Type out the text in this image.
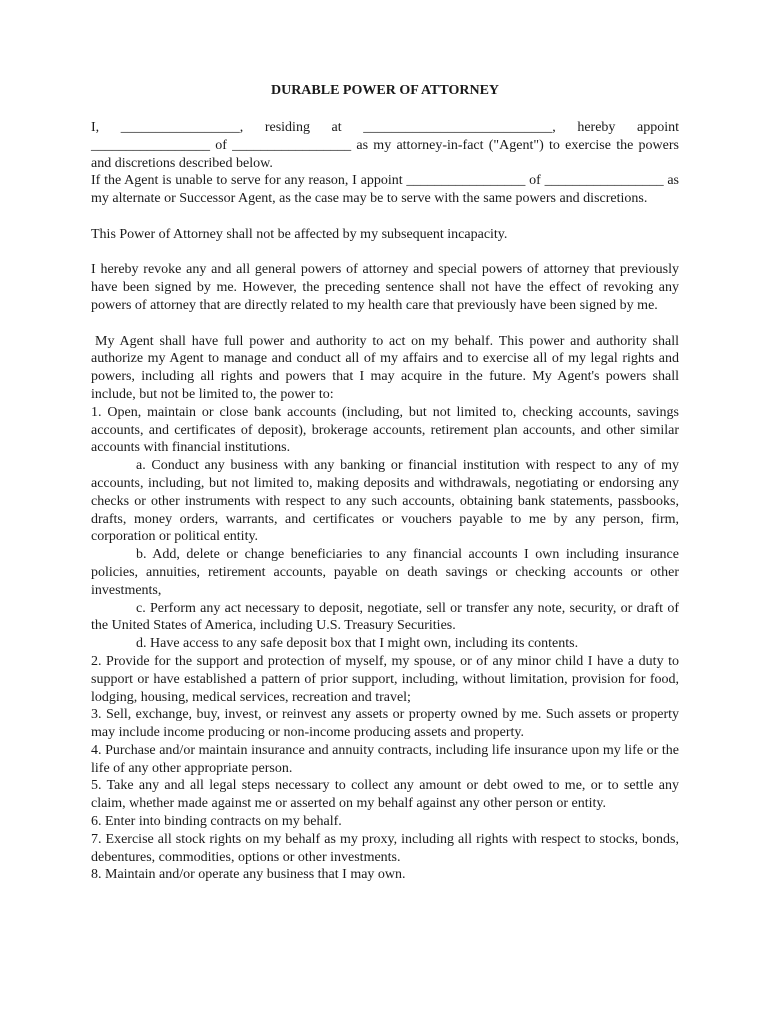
DURABLE POWER OF ATTORNEY

I, _________________, residing at ___________________________, hereby appoint _________________ of _________________ as my attorney-in-fact ("Agent") to exercise the powers and discretions described below.

If the Agent is unable to serve for any reason, I appoint _________________ of _________________ as my alternate or Successor Agent, as the case may be to serve with the same powers and discretions.

This Power of Attorney shall not be affected by my subsequent incapacity.

I hereby revoke any and all general powers of attorney and special powers of attorney that previously have been signed by me. However, the preceding sentence shall not have the effect of revoking any powers of attorney that are directly related to my health care that previously have been signed by me.

My Agent shall have full power and authority to act on my behalf. This power and authority shall authorize my Agent to manage and conduct all of my affairs and to exercise all of my legal rights and powers, including all rights and powers that I may acquire in the future. My Agent's powers shall include, but not be limited to, the power to:

1. Open, maintain or close bank accounts (including, but not limited to, checking accounts, savings accounts, and certificates of deposit), brokerage accounts, retirement plan accounts, and other similar accounts with financial institutions.

a. Conduct any business with any banking or financial institution with respect to any of my accounts, including, but not limited to, making deposits and withdrawals, negotiating or endorsing any checks or other instruments with respect to any such accounts, obtaining bank statements, passbooks, drafts, money orders, warrants, and certificates or vouchers payable to me by any person, firm, corporation or political entity.

b. Add, delete or change beneficiaries to any financial accounts I own including insurance policies, annuities, retirement accounts, payable on death savings or checking accounts or other investments,

c. Perform any act necessary to deposit, negotiate, sell or transfer any note, security, or draft of the United States of America, including U.S. Treasury Securities.

d. Have access to any safe deposit box that I might own, including its contents.

2. Provide for the support and protection of myself, my spouse, or of any minor child I have a duty to support or have established a pattern of prior support, including, without limitation, provision for food, lodging, housing, medical services, recreation and travel;

3. Sell, exchange, buy, invest, or reinvest any assets or property owned by me. Such assets or property may include income producing or non-income producing assets and property.

4. Purchase and/or maintain insurance and annuity contracts, including life insurance upon my life or the life of any other appropriate person.

5. Take any and all legal steps necessary to collect any amount or debt owed to me, or to settle any claim, whether made against me or asserted on my behalf against any other person or entity.

6. Enter into binding contracts on my behalf.

7. Exercise all stock rights on my behalf as my proxy, including all rights with respect to stocks, bonds, debentures, commodities, options or other investments.

8. Maintain and/or operate any business that I may own.
